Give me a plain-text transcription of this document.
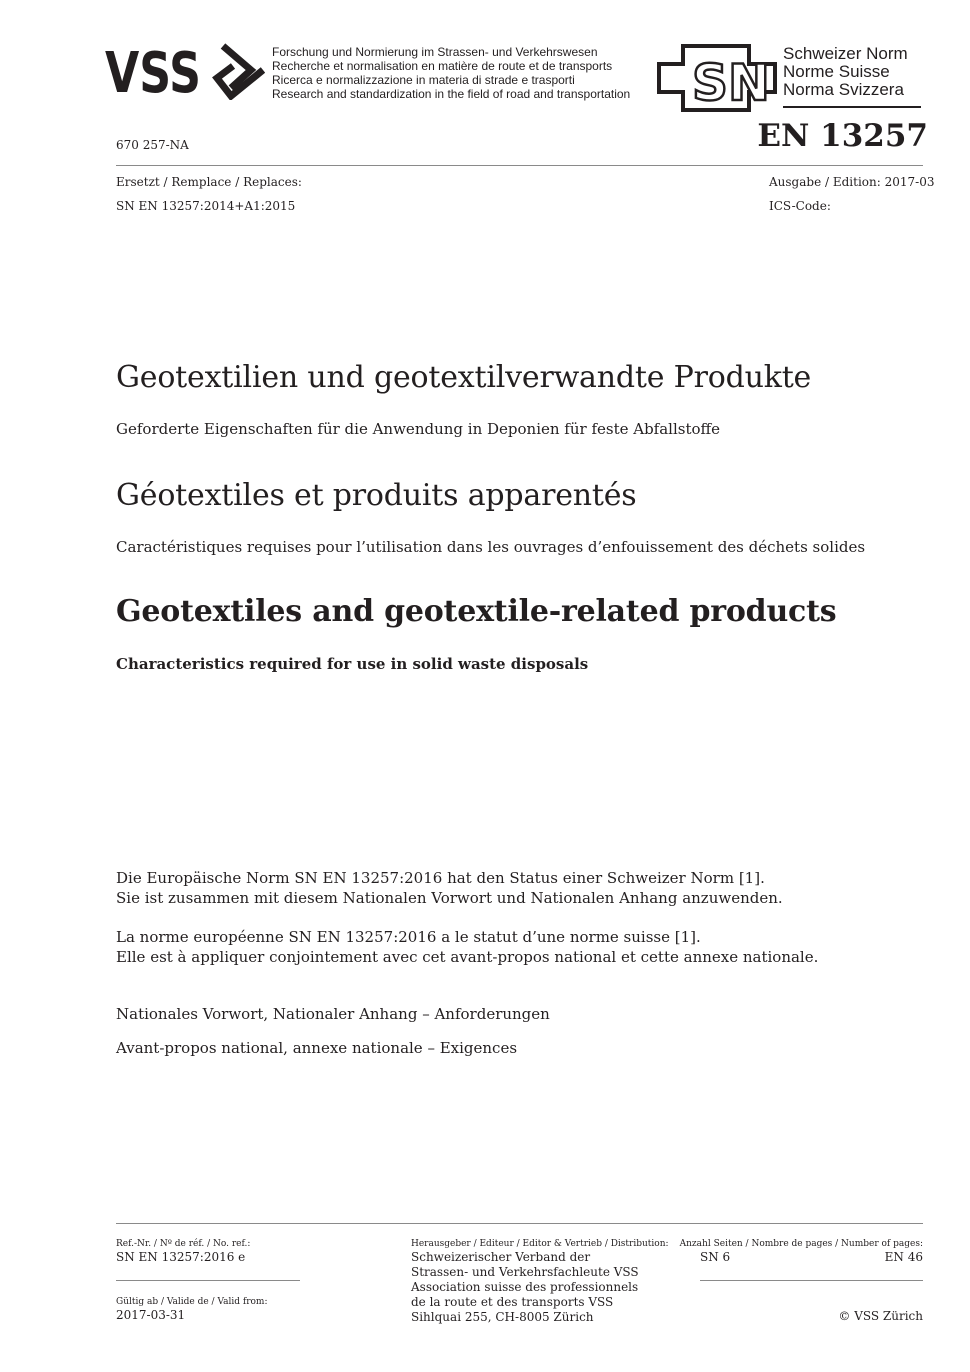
VSS	Forschung und Normierung im Strassen- und Verkehrswesen
Recherche et normalisation en matière de route et de transports
Ricerca e normalizzazione in materia di strade e trasporti
Research and standardization in the field of road and transportation SN
Schweizer Norm
Norme Suisse
Norma Svizzera
670 257-NA	EN 13257
Ersetzt / Remplace / Replaces:
SN EN 13257:2014+A1:2015
Ausgabe / Edition: 2017-03
ICS-Code:
Geotextilien und geotextilverwandte Produkte
Geforderte Eigenschaften für die Anwendung in Deponien für feste Abfallstoffe
Géotextiles et produits apparentés
Caractéristiques requises pour l’utilisation dans les ouvrages d’enfouissement des déchets solides
Geotextiles and geotextile-related products
Characteristics required for use in solid waste disposals
Die Europäische Norm SN EN 13257:2016 hat den Status einer Schweizer Norm [1].
Sie ist zusammen mit diesem Nationalen Vorwort und Nationalen Anhang anzuwenden.
La norme européenne SN EN 13257:2016 a le statut d’une norme suisse [1].
Elle est à appliquer conjointement avec cet avant-propos national et cette annexe nationale.
Nationales Vorwort, Nationaler Anhang – Anforderungen
Avant-propos national, annexe nationale – Exigences
Ref.-Nr. / Nº de réf. / No. ref.:
SN EN 13257:2016 e
Gültig ab / Valide de / Valid from:
2017-03-31
Herausgeber / Editeur / Editor & Vertrieb / Distribution:
Schweizerischer Verband der
Strassen- und Verkehrsfachleute VSS
Association suisse des professionnels
de la route et des transports VSS
Sihlquai 255, CH-8005 Zürich
Anzahl Seiten / Nombre de pages / Number of pages:
SN 6	EN 46
© VSS Zürich
